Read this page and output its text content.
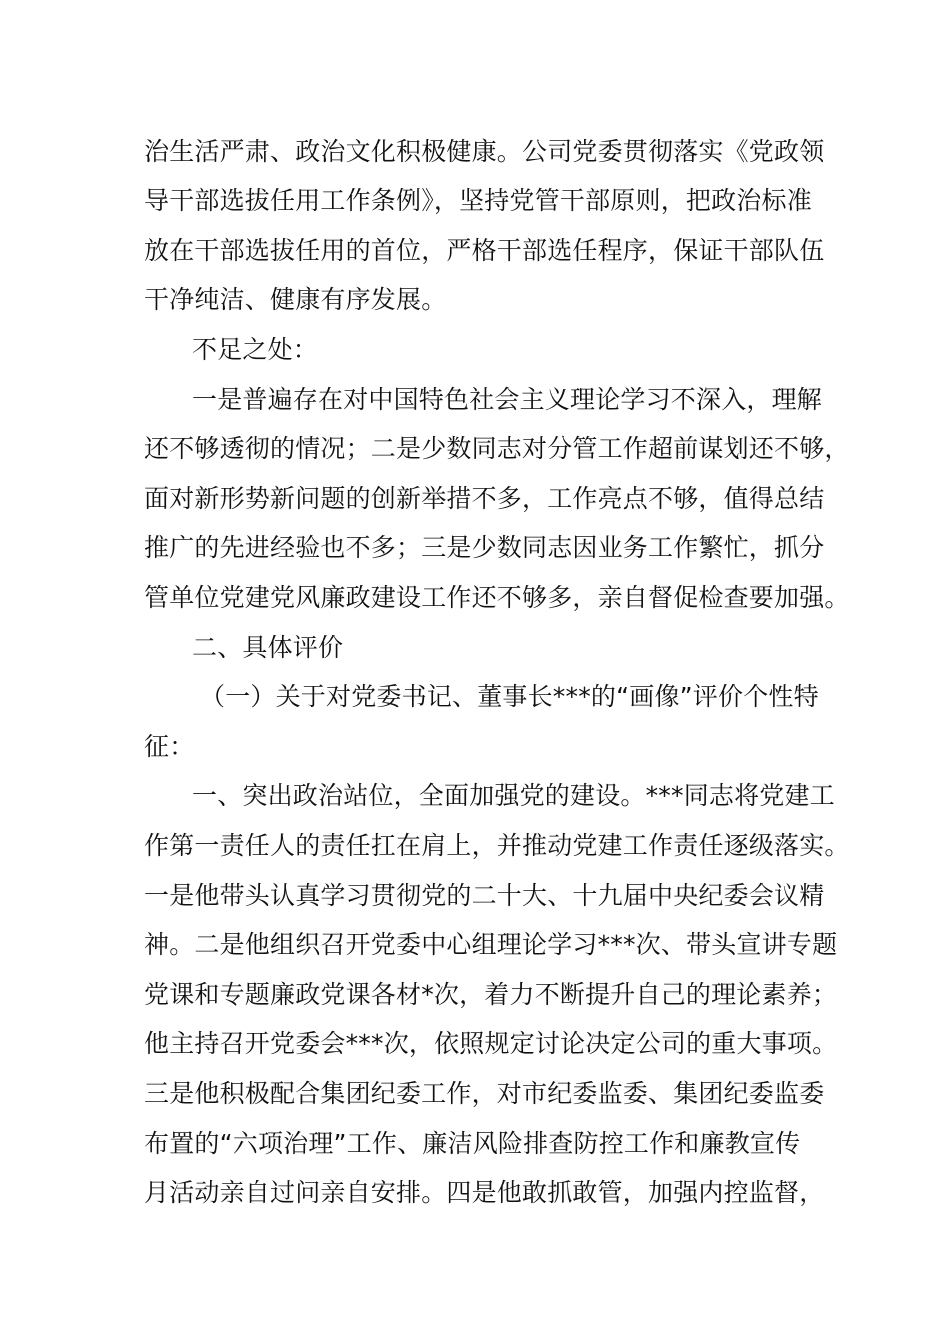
治生活严肃、政治文化积极健康。公司党委贯彻落实《党政领
导干部选拔任用工作条例》，坚持党管干部原则，把政治标准
放在干部选拔任用的首位，严格干部选任程序，保证干部队伍
干净纯洁、健康有序发展。
不足之处：
一是普遍存在对中国特色社会主义理论学习不深入，理解
还不够透彻的情况；二是少数同志对分管工作超前谋划还不够，
面对新形势新问题的创新举措不多，工作亮点不够，值得总结
推广的先进经验也不多；三是少数同志因业务工作繁忙，抓分
管单位党建党风廉政建设工作还不够多，亲自督促检查要加强。
二、具体评价
（一）关于对党委书记、董事长***的“画像”评价个性特
征：
一、突出政治站位，全面加强党的建设。***同志将党建工
作第一责任人的责任扛在肩上，并推动党建工作责任逐级落实。
一是他带头认真学习贯彻党的二十大、十九届中央纪委会议精
神。二是他组织召开党委中心组理论学习***次、带头宣讲专题
党课和专题廉政党课各材*次，着力不断提升自己的理论素养；
他主持召开党委会***次，依照规定讨论决定公司的重大事项。
三是他积极配合集团纪委工作，对市纪委监委、集团纪委监委
布置的“六项治理”工作、廉洁风险排查防控工作和廉教宣传
月活动亲自过问亲自安排。四是他敢抓敢管，加强内控监督，
